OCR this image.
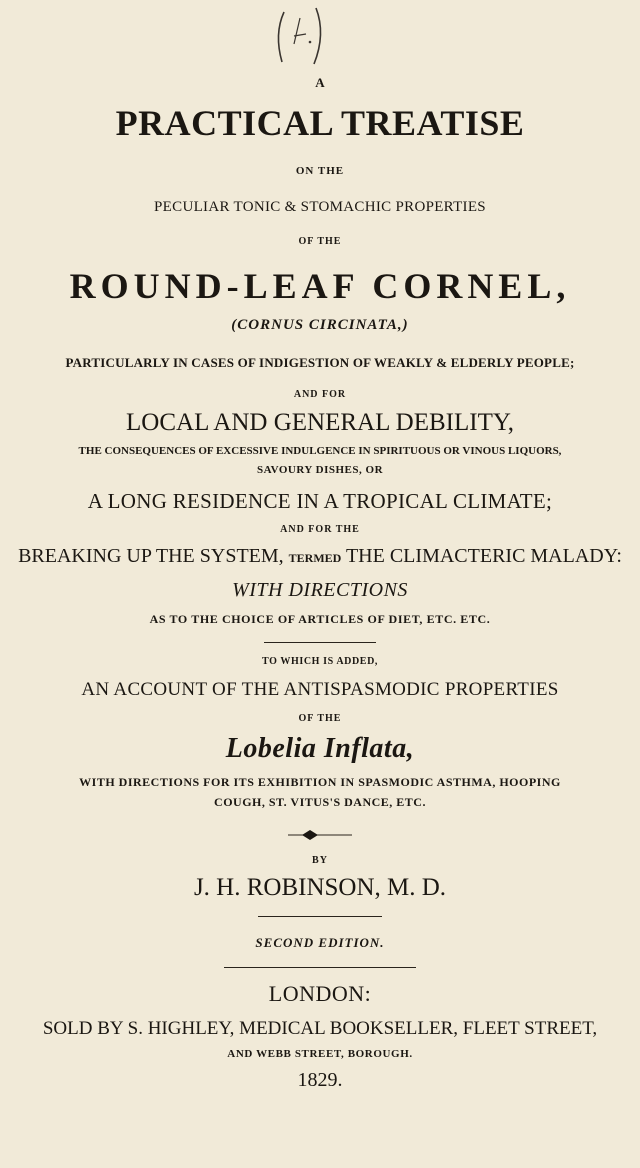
A
PRACTICAL TREATISE
ON THE
PECULIAR TONIC & STOMACHIC PROPERTIES
OF THE
ROUND-LEAF CORNEL,
(CORNUS CIRCINATA,)
PARTICULARLY IN CASES OF INDIGESTION OF WEAKLY & ELDERLY PEOPLE;
AND FOR
LOCAL AND GENERAL DEBILITY,
THE CONSEQUENCES OF EXCESSIVE INDULGENCE IN SPIRITUOUS OR VINOUS LIQUORS,
SAVOURY DISHES, OR
A LONG RESIDENCE IN A TROPICAL CLIMATE;
AND FOR THE
BREAKING UP THE SYSTEM, TERMED THE CLIMACTERIC MALADY:
WITH DIRECTIONS
AS TO THE CHOICE OF ARTICLES OF DIET, ETC. ETC.
TO WHICH IS ADDED,
AN ACCOUNT OF THE ANTISPASMODIC PROPERTIES
OF THE
Lobelia Inflata,
WITH DIRECTIONS FOR ITS EXHIBITION IN SPASMODIC ASTHMA, HOOPING
COUGH, ST. VITUS'S DANCE, ETC.
BY
J. H. ROBINSON, M. D.
SECOND EDITION.
LONDON:
SOLD BY S. HIGHLEY, MEDICAL BOOKSELLER, FLEET STREET,
AND WEBB STREET, BOROUGH.
1829.
